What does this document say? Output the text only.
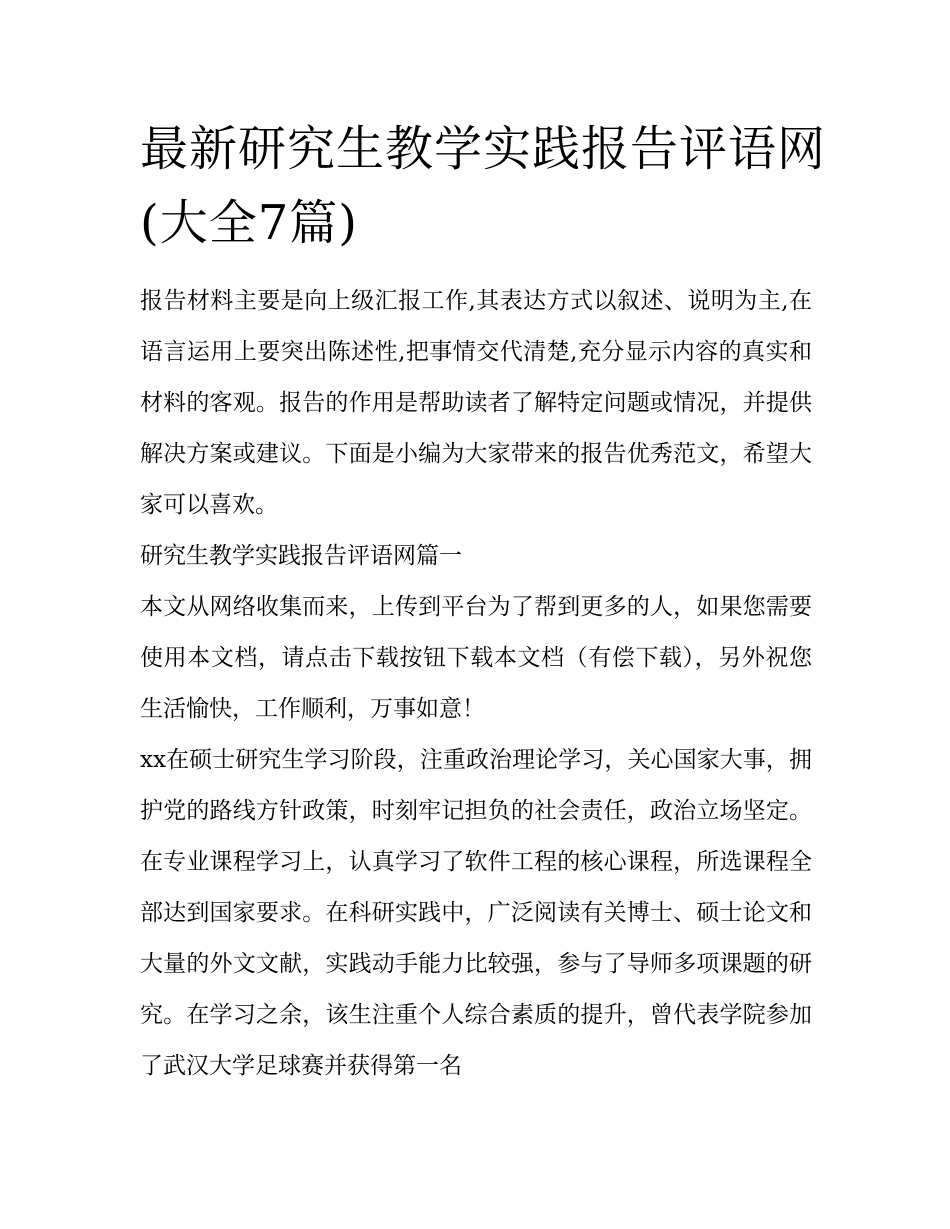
最新研究生教学实践报告评语网(大全7篇)

报告材料主要是向上级汇报工作,其表达方式以叙述、说明为主,在语言运用上要突出陈述性,把事情交代清楚,充分显示内容的真实和材料的客观。报告的作用是帮助读者了解特定问题或情况，并提供解决方案或建议。下面是小编为大家带来的报告优秀范文，希望大家可以喜欢。

研究生教学实践报告评语网篇一

本文从网络收集而来，上传到平台为了帮到更多的人，如果您需要使用本文档，请点击下载按钮下载本文档（有偿下载），另外祝您生活愉快，工作顺利，万事如意！

xx在硕士研究生学习阶段，注重政治理论学习，关心国家大事，拥护党的路线方针政策，时刻牢记担负的社会责任，政治立场坚定。在专业课程学习上，认真学习了软件工程的核心课程，所选课程全部达到国家要求。在科研实践中，广泛阅读有关博士、硕士论文和大量的外文文献，实践动手能力比较强，参与了导师多项课题的研究。在学习之余，该生注重个人综合素质的提升，曾代表学院参加了武汉大学足球赛并获得第一名
